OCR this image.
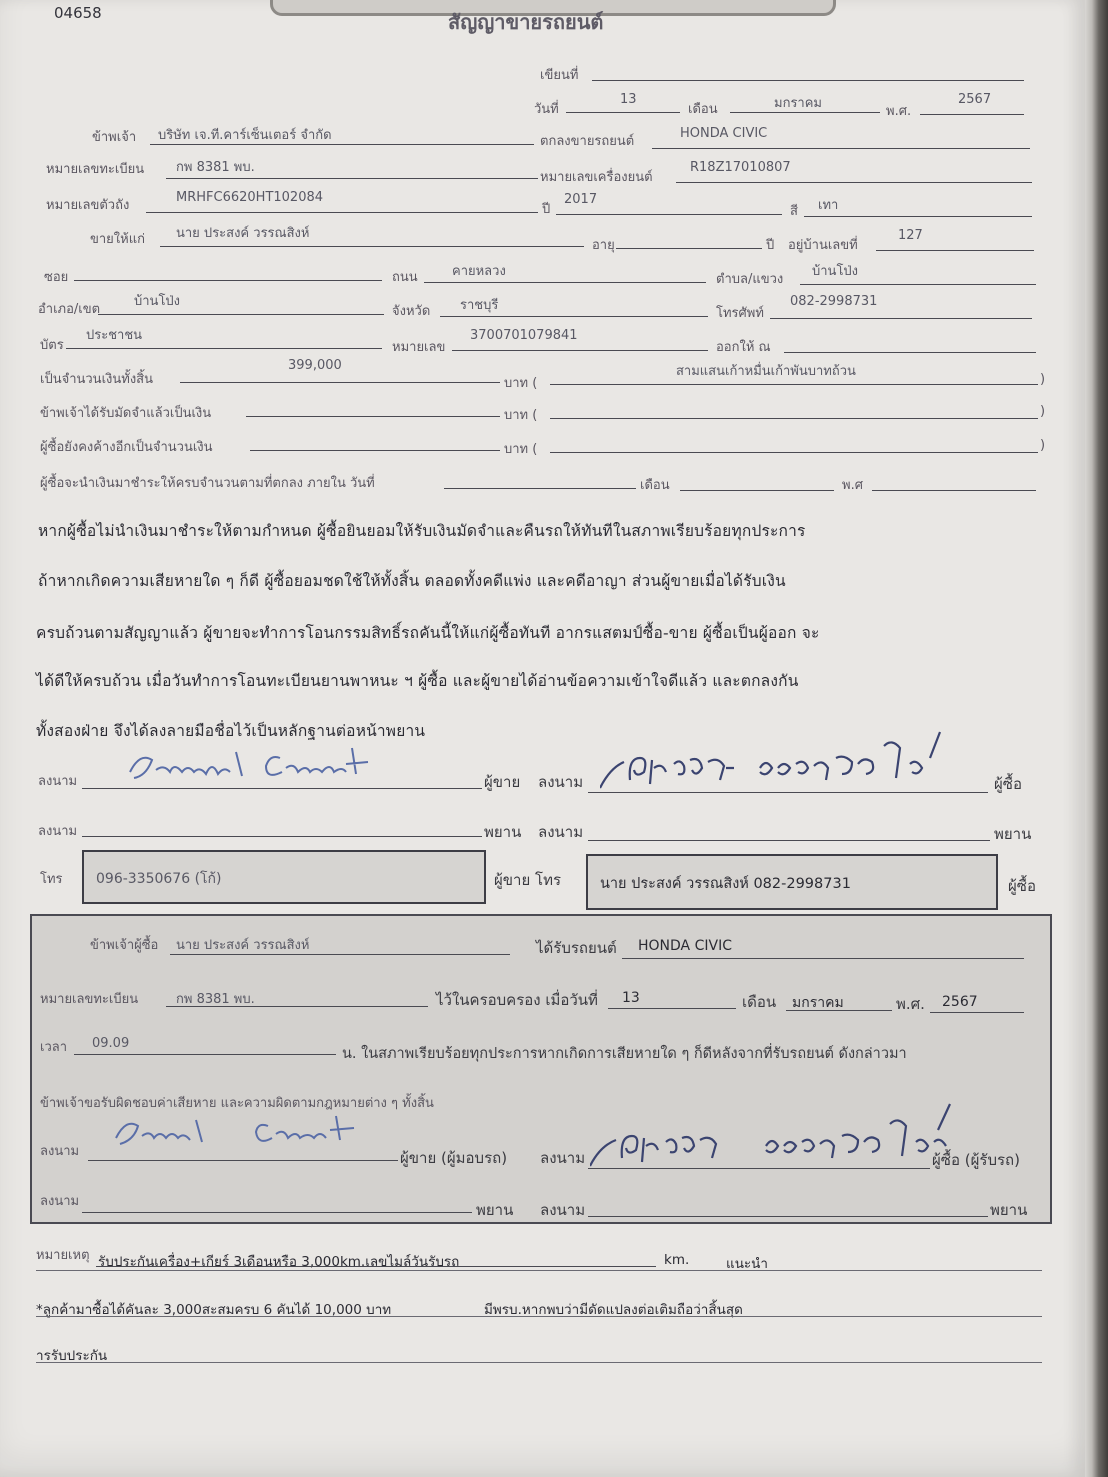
04658	สัญญาขายรถยนต์
เขียนที่
วันที่
13
เดือน	มกราคม
พ.ศ.
2567
ข้าพเจ้า บริษัท เจ.ที.คาร์เซ็นเตอร์ จำกัด	ตกลงขายรถยนต์
HONDA CIVIC
หมายเลขทะเบียน กพ 8381 พบ.
หมายเลขเครื่องยนต์
R18Z17010807
หมายเลขตัวถัง
MRHFC6620HT102084
ปี
2017
สี เทา
ขายให้แก่ นาย ประสงค์ วรรณสิงห์
อายุ	ปี อยู่บ้านเลขที่
127
ซอย	ถนน	คายหลวง
ตำบล/แขวง
บ้านโป่ง
อำเภอ/เขต
บ้านโป่ง
จังหวัด ราชบุรี
โทรศัพท์
082-2998731
บัตร
ประชาชน
หมายเลข
3700701079841
ออกให้ ณ
เป็นจำนวนเงินทั้งสิ้น
399,000
บาท (
สามแสนเก้าหมื่นเก้าพันบาทถ้วน
)
ข้าพเจ้าได้รับมัดจำแล้วเป็นเงิน	บาท (	)
ผู้ซื้อยังคงค้างอีกเป็นจำนวนเงิน	บาท (	)
ผู้ซื้อจะนำเงินมาชำระให้ครบจำนวนตามที่ตกลง ภายใน วันที่	เดือน	พ.ศ
หากผู้ซื้อไม่นำเงินมาชำระให้ตามกำหนด ผู้ซื้อยินยอมให้รับเงินมัดจำและคืนรถให้ทันทีในสภาพเรียบร้อยทุกประการ
ถ้าหากเกิดความเสียหายใด ๆ ก็ดี ผู้ซื้อยอมชดใช้ให้ทั้งสิ้น ตลอดทั้งคดีแพ่ง และคดีอาญา ส่วนผู้ขายเมื่อได้รับเงิน
ครบถ้วนตามสัญญาแล้ว ผู้ขายจะทำการโอนกรรมสิทธิ์รถคันนี้ให้แก่ผู้ซื้อทันที อากรแสตมป์ซื้อ-ขาย ผู้ซื้อเป็นผู้ออก จะ
ได้ดีให้ครบถ้วน เมื่อวันทำการโอนทะเบียนยานพาหนะ ฯ ผู้ซื้อ และผู้ขายได้อ่านข้อความเข้าใจดีแล้ว และตกลงกัน
ทั้งสองฝ่าย จึงได้ลงลายมือชื่อไว้เป็นหลักฐานต่อหน้าพยาน
ลงนาม	ผู้ขาย ลงนาม	ผู้ซื้อ
ลงนาม	พยาน ลงนาม	พยาน
โทร 096-3350676 (โก้)	ผู้ขาย โทร	นาย ประสงค์ วรรณสิงห์ 082-2998731	ผู้ซื้อ
ข้าพเจ้าผู้ซื้อ นาย ประสงค์ วรรณสิงห์	ได้รับรถยนต์ HONDA CIVIC
หมายเลขทะเบียน	กพ 8381 พบ.	ไว้ในครอบครอง เมื่อวันที่ 13	เดือน มกราคม	พ.ศ. 2567
เวลา 09.09
น. ในสภาพเรียบร้อยทุกประการหากเกิดการเสียหายใด ๆ ก็ดีหลังจากที่รับรถยนต์ ดังกล่าวมา
ข้าพเจ้าขอรับผิดชอบค่าเสียหาย และความผิดตามกฎหมายต่าง ๆ ทั้งสิ้น
ลงนาม	ผู้ขาย (ผู้มอบรถ) ลงนาม	ผู้ซื้อ (ผู้รับรถ)
ลงนาม	พยาน ลงนาม	พยาน
หมายเหตุ รับประกันเครื่อง+เกียร์ 3เดือนหรือ 3,000km.เลขไมล์วันรับรถ	km.	แนะนำ
*ลูกค้ามาซื้อได้คันละ 3,000สะสมครบ 6 คันได้ 10,000 บาท	มีพรบ.หากพบว่ามีดัดแปลงต่อเติมถือว่าสิ้นสุด
ารรับประกัน
